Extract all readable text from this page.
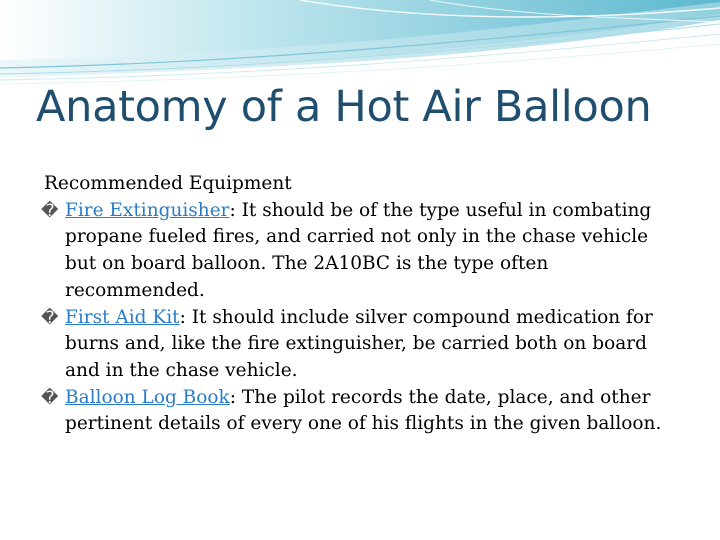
Anatomy of a Hot Air Balloon
Recommended Equipment
� Fire Extinguisher: It should be of the type useful in combating propane fueled fires, and carried not only in the chase vehicle but on board balloon. The 2A10BC is the type often recommended.
� First Aid Kit: It should include silver compound medication for burns and, like the fire extinguisher, be carried both on board and in the chase vehicle.
� Balloon Log Book: The pilot records the date, place, and other pertinent details of every one of his flights in the given balloon.
